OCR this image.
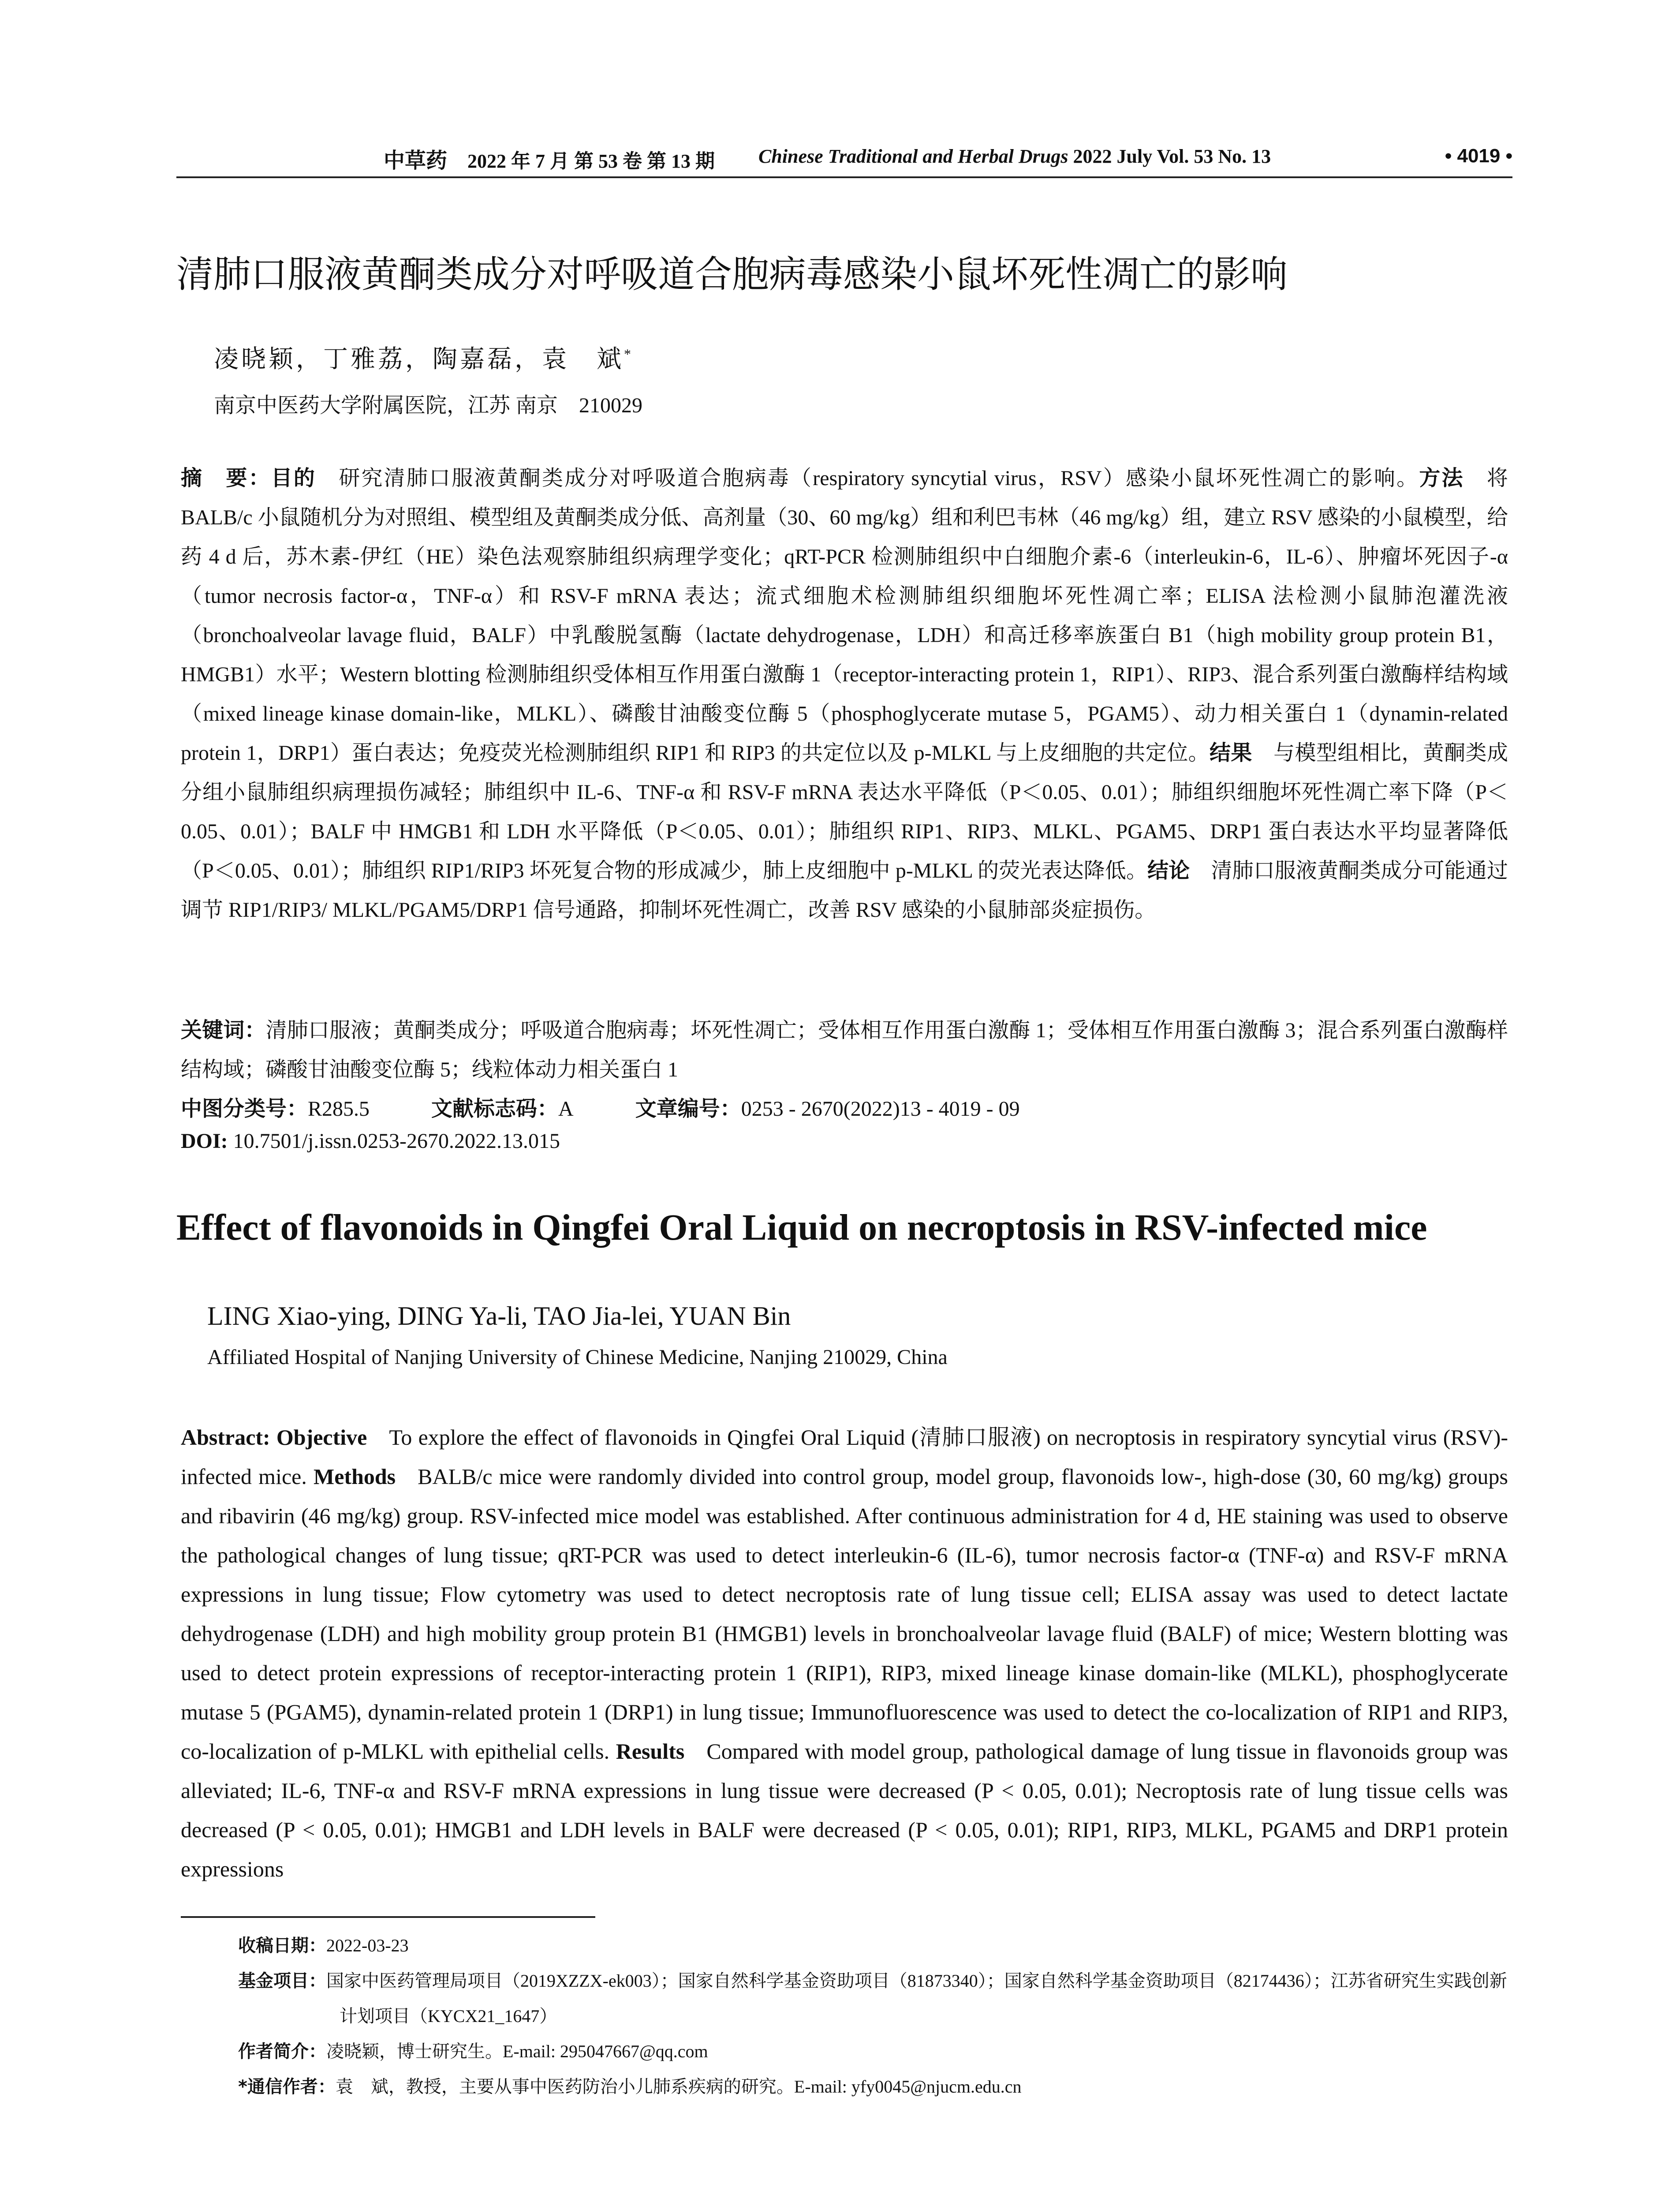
中草药 2022 年 7 月 第 53 卷 第 13 期 Chinese Traditional and Herbal Drugs 2022 July Vol. 53 No. 13	• 4019 •
清肺口服液黄酮类成分对呼吸道合胞病毒感染小鼠坏死性凋亡的影响
凌晓颖，丁雅荔，陶嘉磊，袁　斌*
南京中医药大学附属医院，江苏 南京　210029
摘　要：目的　 研究清肺口服液黄酮类成分对呼吸道合胞病毒（respiratory syncytial virus，RSV）感染小鼠坏死性凋亡的影响。方法　 将 BALB/c 小鼠随机分为对照组、模型组及黄酮类成分低、高剂量（30、60 mg/kg）组和利巴韦林（46 mg/kg）组，建立 RSV 感染的小鼠模型，给药 4 d 后，苏木素-伊红（HE）染色法观察肺组织病理学变化；qRT-PCR 检测肺组织中白细胞介素-6（interleukin-6，IL-6）、肿瘤坏死因子-α（tumor necrosis factor-α，TNF-α）和 RSV-F mRNA 表达；流式细胞术检测肺组织细胞坏死性凋亡率；ELISA 法检测小鼠肺泡灌洗液（bronchoalveolar lavage fluid，BALF）中乳酸脱氢酶（lactate dehydrogenase，LDH）和高迁移率族蛋白 B1（high mobility group protein B1，HMGB1）水平；Western blotting 检测肺组织受体相互作用蛋白激酶 1（receptor-interacting protein 1，RIP1）、RIP3、混合系列蛋白激酶样结构域（mixed lineage kinase domain-like，MLKL）、磷酸甘油酸变位酶 5（phosphoglycerate mutase 5，PGAM5）、动力相关蛋白 1（dynamin-related protein 1，DRP1）蛋白表达；免疫荧光检测肺组织 RIP1 和 RIP3 的共定位以及 p-MLKL 与上皮细胞的共定位。结果　 与模型组相比，黄酮类成分组小鼠肺组织病理损伤减轻；肺组织中 IL-6、TNF-α 和 RSV-F mRNA 表达水平降低（P＜0.05、0.01）；肺组织细胞坏死性凋亡率下降（P＜0.05、0.01）；BALF 中 HMGB1 和 LDH 水平降低（P＜0.05、0.01）；肺组织 RIP1、RIP3、MLKL、PGAM5、DRP1 蛋白表达水平均显著降低（P＜0.05、0.01）；肺组织 RIP1/RIP3 坏死复合物的形成减少，肺上皮细胞中 p-MLKL 的荧光表达降低。结论　 清肺口服液黄酮类成分可能通过调节 RIP1/RIP3/ MLKL/PGAM5/DRP1 信号通路，抑制坏死性凋亡，改善 RSV 感染的小鼠肺部炎症损伤。
关键词：清肺口服液；黄酮类成分；呼吸道合胞病毒；坏死性凋亡；受体相互作用蛋白激酶 1；受体相互作用蛋白激酶 3；混合系列蛋白激酶样结构域；磷酸甘油酸变位酶 5；线粒体动力相关蛋白 1
中图分类号：R285.5	文献标志码：A	文章编号：0253 - 2670(2022)13 - 4019 - 09
DOI: 10.7501/j.issn.0253-2670.2022.13.015
Effect of flavonoids in Qingfei Oral Liquid on necroptosis in RSV-infected mice
LING Xiao-ying, DING Ya-li, TAO Jia-lei, YUAN Bin
Affiliated Hospital of Nanjing University of Chinese Medicine, Nanjing 210029, China
Abstract: Objective  To explore the effect of flavonoids in Qingfei Oral Liquid (清肺口服液) on necroptosis in respiratory syncytial virus (RSV)-infected mice. Methods  BALB/c mice were randomly divided into control group, model group, flavonoids low-, high-dose (30, 60 mg/kg) groups and ribavirin (46 mg/kg) group. RSV-infected mice model was established. After continuous administration for 4 d, HE staining was used to observe the pathological changes of lung tissue; qRT-PCR was used to detect interleukin-6 (IL-6), tumor necrosis factor-α (TNF-α) and RSV-F mRNA expressions in lung tissue; Flow cytometry was used to detect necroptosis rate of lung tissue cell; ELISA assay was used to detect lactate dehydrogenase (LDH) and high mobility group protein B1 (HMGB1) levels in bronchoalveolar lavage fluid (BALF) of mice; Western blotting was used to detect protein expressions of receptor-interacting protein 1 (RIP1), RIP3, mixed lineage kinase domain-like (MLKL), phosphoglycerate mutase 5 (PGAM5), dynamin-related protein 1 (DRP1) in lung tissue; Immunofluorescence was used to detect the co-localization of RIP1 and RIP3, co-localization of p-MLKL with epithelial cells. Results  Compared with model group, pathological damage of lung tissue in flavonoids group was alleviated; IL-6, TNF-α and RSV-F mRNA expressions in lung tissue were decreased (P < 0.05, 0.01); Necroptosis rate of lung tissue cells was decreased (P < 0.05, 0.01); HMGB1 and LDH levels in BALF were decreased (P < 0.05, 0.01); RIP1, RIP3, MLKL, PGAM5 and DRP1 protein expressions
收稿日期：2022-03-23
基金项目：国家中医药管理局项目（2019XZZX-ek003）；国家自然科学基金资助项目（81873340）；国家自然科学基金资助项目（82174436）；江苏省研究生实践创新计划项目（KYCX21_1647）
作者简介：凌晓颖，博士研究生。E-mail: 295047667@qq.com
*通信作者：袁　斌，教授，主要从事中医药防治小儿肺系疾病的研究。E-mail: yfy0045@njucm.edu.cn
